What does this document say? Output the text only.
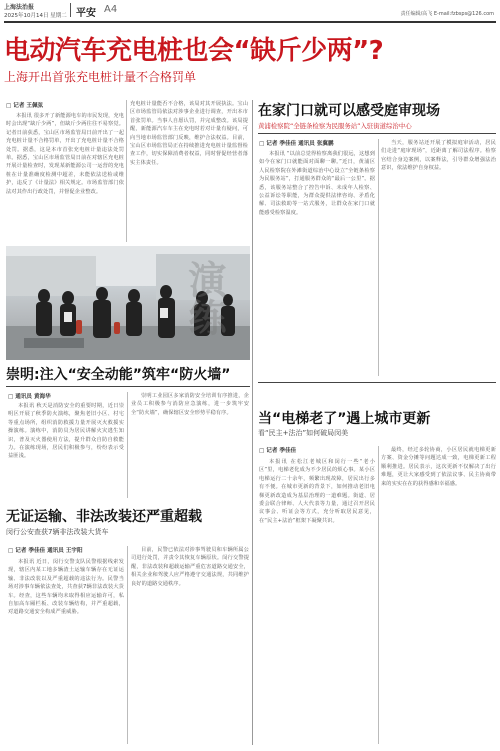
上海法治报
2025年10月14日 星期二 平安 A4	责任编辑/高飞 E-mail:fzbsps@126.com
电动汽车充电桩也会“缺斤少两”?
上海开出首张充电桩计量不合格罚单
□ 记者 王佩弦
本报讯 很多开了新能源电车的市民发现，充电时会出现“缺斤少两”，但缺斤少两往往不易察觉。记者日前获悉，宝山区市场监管局日前开出了一起充电桩计量不合格罚单，开出了充电桩计量不合格处罚。据悉，这是本市首张充电桩计量违法处罚单。据悉，宝山区市场监管局日前在对辖区充电桩开展计量检查时，发现某新能源公司一运营的充电桩在计量准确度检测中超差，未能依法送检或维护，违反了《计量法》相关规定。市场监管部门依法对其作出行政处罚，并督促企业整改。
充电桩计量能否不合格，该局对其开展执法。宝山区市场监管局依法对涉事企业进行调查，开出本市首张罚单。当事人自愿认罚，并完成整改。该局提醒，新能源汽车车主在充电时若对计量有疑问，可向当地市场监管部门反映，维护合法权益。目前，宝山区市场监管局正在持续推进充电桩计量监督检查工作，切实保障消费者权益，同时督促经营者落实主体责任。
演练
崇明:注入“安全动能”筑牢“防火墙”
□ 通讯员 黄海华
本报讯 秋天是消防安全的重要时期，近日崇明区开展了秋季防火演练，聚焦老旧小区、村宅等重点场所，组织消防救援力量开展灭火救援实操演练。演练中，消防员为居民讲解火灾逃生知识，普及灭火器使用方法，提升群众自防自救能力。在演练现场，居民们积极参与，纷纷表示受益匪浅。
崇明工业园区多家消防安全培训有序推进，企业员工积极参与消防应急演练，进一步筑牢安全“防火墙”，确保辖区安全形势平稳有序。
无证运输、非法改装还严重超载
闵行公安查获7辆非法改装大货车
□ 记者 季佳佳 通讯员 王宇阳
本报讯 近日，闵行交警支队民警根据线索发现，辖区内某工地多辆渣土运输车辆存在无证运输、非法改装以及严重超载的违法行为。民警当场对涉事车辆依法查处，共查获7辆非法改装大货车。经查，这些车辆均未取得相应运输许可，私自加高车厢栏板、改装车辆结构，并严重超载，对道路交通安全构成严重威胁。
目前，民警已依法对涉事驾驶员和车辆所属公司进行处罚，并责令其恢复车辆原状。闵行交警提醒，非法改装和超载运输严重危害道路交通安全，相关企业和驾驶人应严格遵守交通法规，共同维护良好的道路交通秩序。
在家门口就可以感受庭审现场
黄浦检察院“全链条检察为民服务站”入驻街道综治中心
□ 记者 季佳佳 通讯员 张冀鹏
本报讯 “以前总觉得检察离我们很远，这想到如今在家门口就能面对面聊一聊。”近日，黄浦区人民检察院在外滩街道综治中心设立“全链条检察为民服务站”，打通服务群众的“最后一公里”。据悉，该服务站整合了控告申诉、未成年人检察、公益诉讼等职能，为群众提供法律咨询、矛盾化解、司法救助等一站式服务，让群众在家门口就能感受检察温度。
当天，服务站还开展了模拟庭审活动，居民们走进“庭审现场”，近距离了解司法程序。检察官结合身边案例，以案释法，引导群众增强法治意识，依法维护自身权益。
当“电梯老了”遇上城市更新
看“民主+法治”如何破局闵美
□ 记者 季佳佳
本报讯 在松江老城区和闵行一些“老小区”里，电梯老化成为不少居民的烦心事。某小区电梯运行二十余年，频繁出现故障，居民出行多有不便。在城市更新的背景下，如何推动老旧电梯更新改造成为基层治理的一道难题。街道、居委会联合律师、人大代表等力量，通过召开居民议事会、听证会等方式，充分听取居民意见，在“民主+法治”框架下凝聚共识。
最终，经过多轮协商，小区居民就电梯更新方案、资金分摊等问题达成一致，电梯更新工程顺利推进。居民表示，这次更新不仅解决了出行难题，更让大家感受到了依法议事、民主协商带来的实实在在的获得感和幸福感。
